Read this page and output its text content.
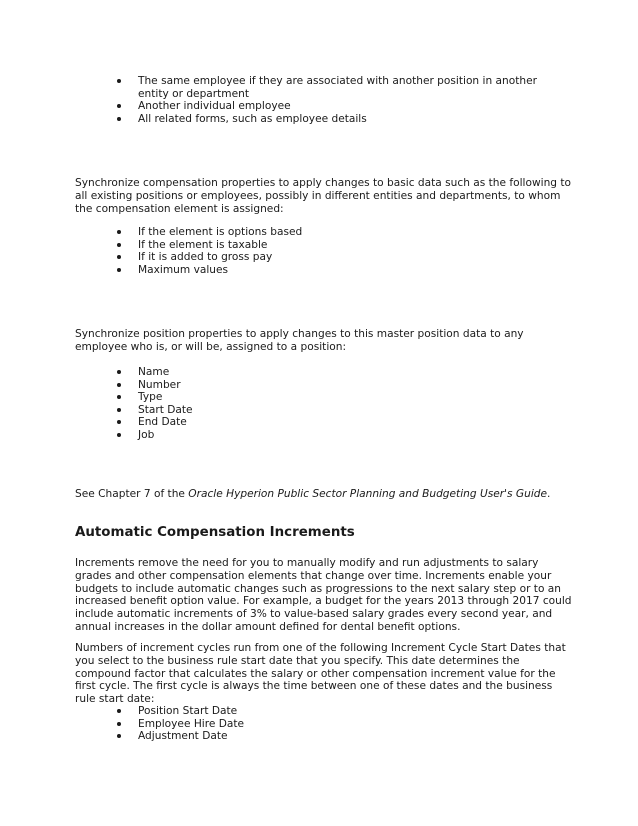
The same employee if they are associated with another position in another entity or department
Another individual employee
All related forms, such as employee details

Synchronize compensation properties to apply changes to basic data such as the following to all existing positions or employees, possibly in different entities and departments, to whom the compensation element is assigned:

If the element is options based
If the element is taxable
If it is added to gross pay
Maximum values

Synchronize position properties to apply changes to this master position data to any employee who is, or will be, assigned to a position:

Name
Number
Type
Start Date
End Date
Job

See Chapter 7 of the Oracle Hyperion Public Sector Planning and Budgeting User's Guide.

Automatic Compensation Increments

Increments remove the need for you to manually modify and run adjustments to salary grades and other compensation elements that change over time. Increments enable your budgets to include automatic changes such as progressions to the next salary step or to an increased benefit option value. For example, a budget for the years 2013 through 2017 could include automatic increments of 3% to value-based salary grades every second year, and annual increases in the dollar amount defined for dental benefit options.

Numbers of increment cycles run from one of the following Increment Cycle Start Dates that you select to the business rule start date that you specify. This date determines the compound factor that calculates the salary or other compensation increment value for the first cycle. The first cycle is always the time between one of these dates and the business rule start date:

Position Start Date
Employee Hire Date
Adjustment Date
